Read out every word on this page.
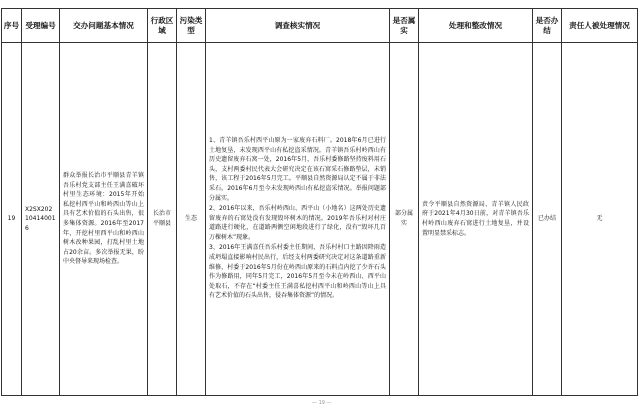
序号	受理编号	交办问题基本情况	行政区域	污染类型	调查核实情况	是否属实	处理和整改情况	是否办结	责任人被处理情况
19	X2SX202104140016	群众举报长治市平顺县青羊镇吾乐村党支部主任王满喜破坏村里生态环境：2015年开始私挖村西平山和岭西山等山上具有艺术价值的石头出售，很多集体资源。2016年至2017年，开挖村里西平山和岭西山树木改种果园，打乱村里土地占20余亩。多次举报无果，盼中央督导来现场检查。	长治市平顺县	生态	1、青羊镇吾乐村西平山原为一家废弃石料厂。2018年6月已进行土地复垦，未发现西平山有私挖盗采情况。青羊镇吾乐村岭西山有历史遗留废弃石窝一处，2016年5月，吾乐村委修路坚持废料用石头，支村两委村民代表大会研究决定在该石窝采石修路垫层，未销售，该工程于2016年5月完工。平顺县自然资源局认定不属于非法采石。2016年6月至今未发现岭西山有私挖盗采情况。举报问题部分属实。
2、2016年以来，吾乐村岭西山、西平山（小地名）这两处历史遗留废弃的石窝处没有发现毁坏树木的情况。2019年吾乐村对村庄道路进行硬化，在道路两侧空闲地段进行了绿化，没有“毁坏几百万棵树木”现象。
3、2016年王满喜任吾乐村委主任期间，吾乐村村口主路因降雨造成坍塌直接影响村民出行，后经支村两委研究决定对这条道路重新维修，村委于2016年5月份在岭西山原来的石料点内挖了少许石头作为修路用，同年5月完工，2016年5月至今未在岭西山、西平山处取石，不存在“村委主任王满喜私挖村西平山和岭西山等山上具有艺术价值的石头出售，侵吞集体资源”的情况。	部分属实	责令平顺县自然资源局、青羊镇人民政府于2021年4月30日前，对青羊镇吾乐村岭西山废弃石窝进行土地复垦，并设置明显禁采标志。	已办结	无
— 19 —
